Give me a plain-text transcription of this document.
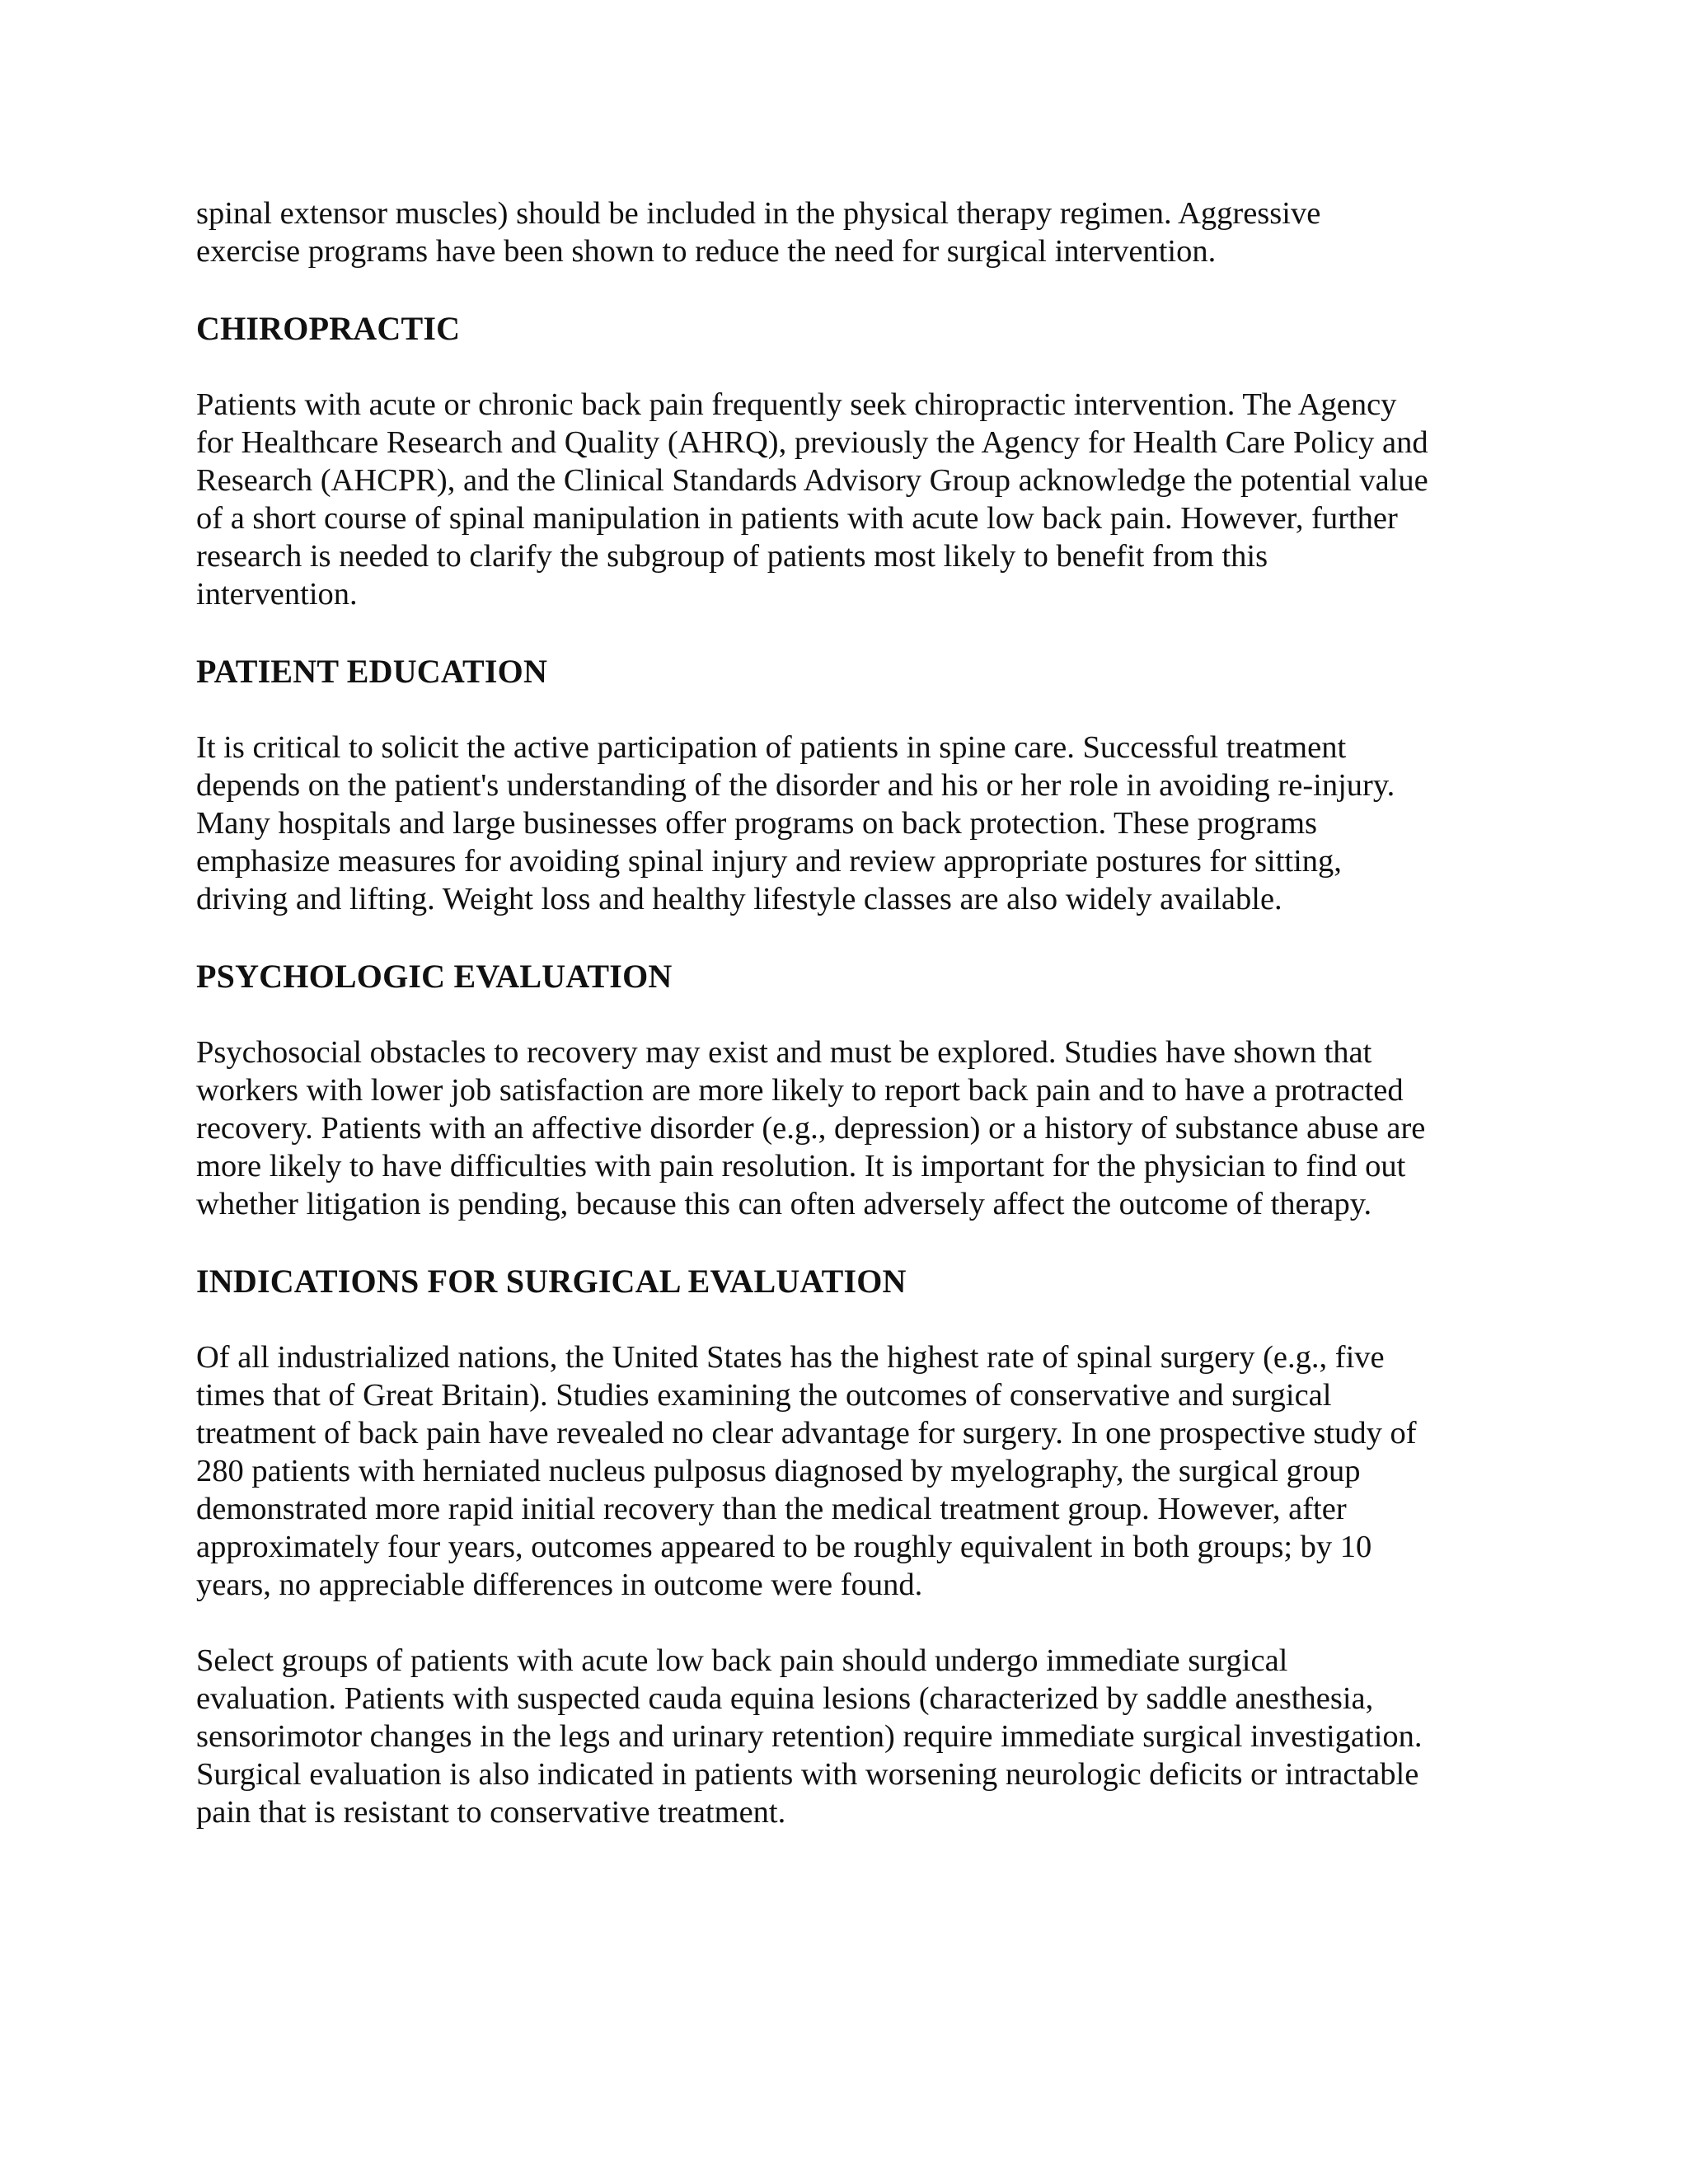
spinal extensor muscles) should be included in the physical therapy regimen. Aggressive
exercise programs have been shown to reduce the need for surgical intervention.

CHIROPRACTIC

Patients with acute or chronic back pain frequently seek chiropractic intervention. The Agency
for Healthcare Research and Quality (AHRQ), previously the Agency for Health Care Policy and
Research (AHCPR), and the Clinical Standards Advisory Group acknowledge the potential value
of a short course of spinal manipulation in patients with acute low back pain. However, further
research is needed to clarify the subgroup of patients most likely to benefit from this
intervention.

PATIENT EDUCATION

It is critical to solicit the active participation of patients in spine care. Successful treatment
depends on the patient's understanding of the disorder and his or her role in avoiding re-injury.
Many hospitals and large businesses offer programs on back protection. These programs
emphasize measures for avoiding spinal injury and review appropriate postures for sitting,
driving and lifting. Weight loss and healthy lifestyle classes are also widely available.

PSYCHOLOGIC EVALUATION

Psychosocial obstacles to recovery may exist and must be explored. Studies have shown that
workers with lower job satisfaction are more likely to report back pain and to have a protracted
recovery. Patients with an affective disorder (e.g., depression) or a history of substance abuse are
more likely to have difficulties with pain resolution. It is important for the physician to find out
whether litigation is pending, because this can often adversely affect the outcome of therapy.

INDICATIONS FOR SURGICAL EVALUATION

Of all industrialized nations, the United States has the highest rate of spinal surgery (e.g., five
times that of Great Britain). Studies examining the outcomes of conservative and surgical
treatment of back pain have revealed no clear advantage for surgery. In one prospective study of
280 patients with herniated nucleus pulposus diagnosed by myelography, the surgical group
demonstrated more rapid initial recovery than the medical treatment group. However, after
approximately four years, outcomes appeared to be roughly equivalent in both groups; by 10
years, no appreciable differences in outcome were found.

Select groups of patients with acute low back pain should undergo immediate surgical
evaluation. Patients with suspected cauda equina lesions (characterized by saddle anesthesia,
sensorimotor changes in the legs and urinary retention) require immediate surgical investigation.
Surgical evaluation is also indicated in patients with worsening neurologic deficits or intractable
pain that is resistant to conservative treatment.
